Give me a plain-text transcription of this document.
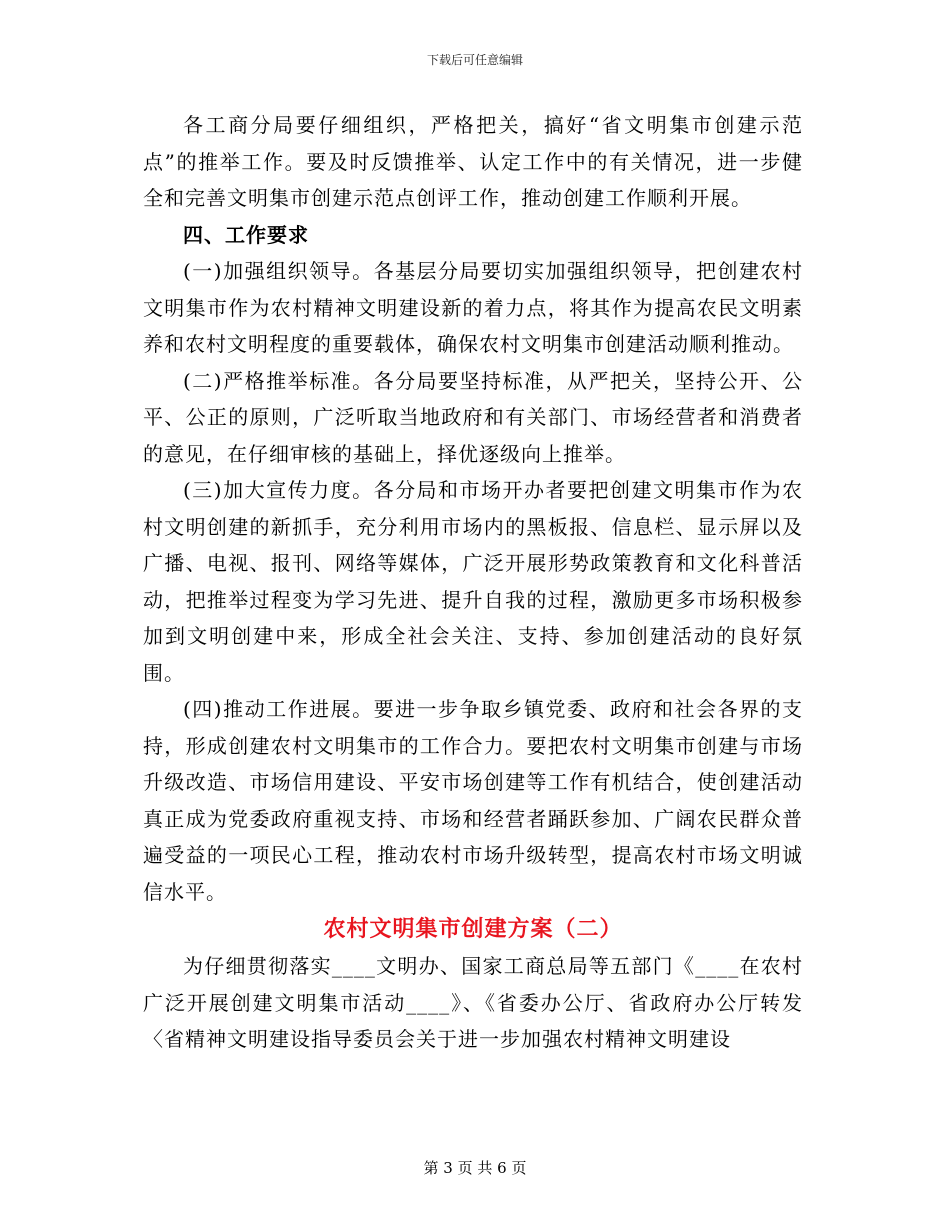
下载后可任意编辑

各工商分局要仔细组织，严格把关，搞好“省文明集市创建示范点”的推举工作。要及时反馈推举、认定工作中的有关情况，进一步健全和完善文明集市创建示范点创评工作，推动创建工作顺利开展。

四、工作要求

(一)加强组织领导。各基层分局要切实加强组织领导，把创建农村文明集市作为农村精神文明建设新的着力点，将其作为提高农民文明素养和农村文明程度的重要载体，确保农村文明集市创建活动顺利推动。

(二)严格推举标准。各分局要坚持标准，从严把关，坚持公开、公平、公正的原则，广泛听取当地政府和有关部门、市场经营者和消费者的意见，在仔细审核的基础上，择优逐级向上推举。

(三)加大宣传力度。各分局和市场开办者要把创建文明集市作为农村文明创建的新抓手，充分利用市场内的黑板报、信息栏、显示屏以及广播、电视、报刊、网络等媒体，广泛开展形势政策教育和文化科普活动，把推举过程变为学习先进、提升自我的过程，激励更多市场积极参加到文明创建中来，形成全社会关注、支持、参加创建活动的良好氛围。

(四)推动工作进展。要进一步争取乡镇党委、政府和社会各界的支持，形成创建农村文明集市的工作合力。要把农村文明集市创建与市场升级改造、市场信用建设、平安市场创建等工作有机结合，使创建活动真正成为党委政府重视支持、市场和经营者踊跃参加、广阔农民群众普遍受益的一项民心工程，推动农村市场升级转型，提高农村市场文明诚信水平。

农村文明集市创建方案（二）

为仔细贯彻落实____文明办、国家工商总局等五部门《____在农村广泛开展创建文明集市活动____》、《省委办公厅、省政府办公厅转发〈省精神文明建设指导委员会关于进一步加强农村精神文明建设

第 3 页 共 6 页
